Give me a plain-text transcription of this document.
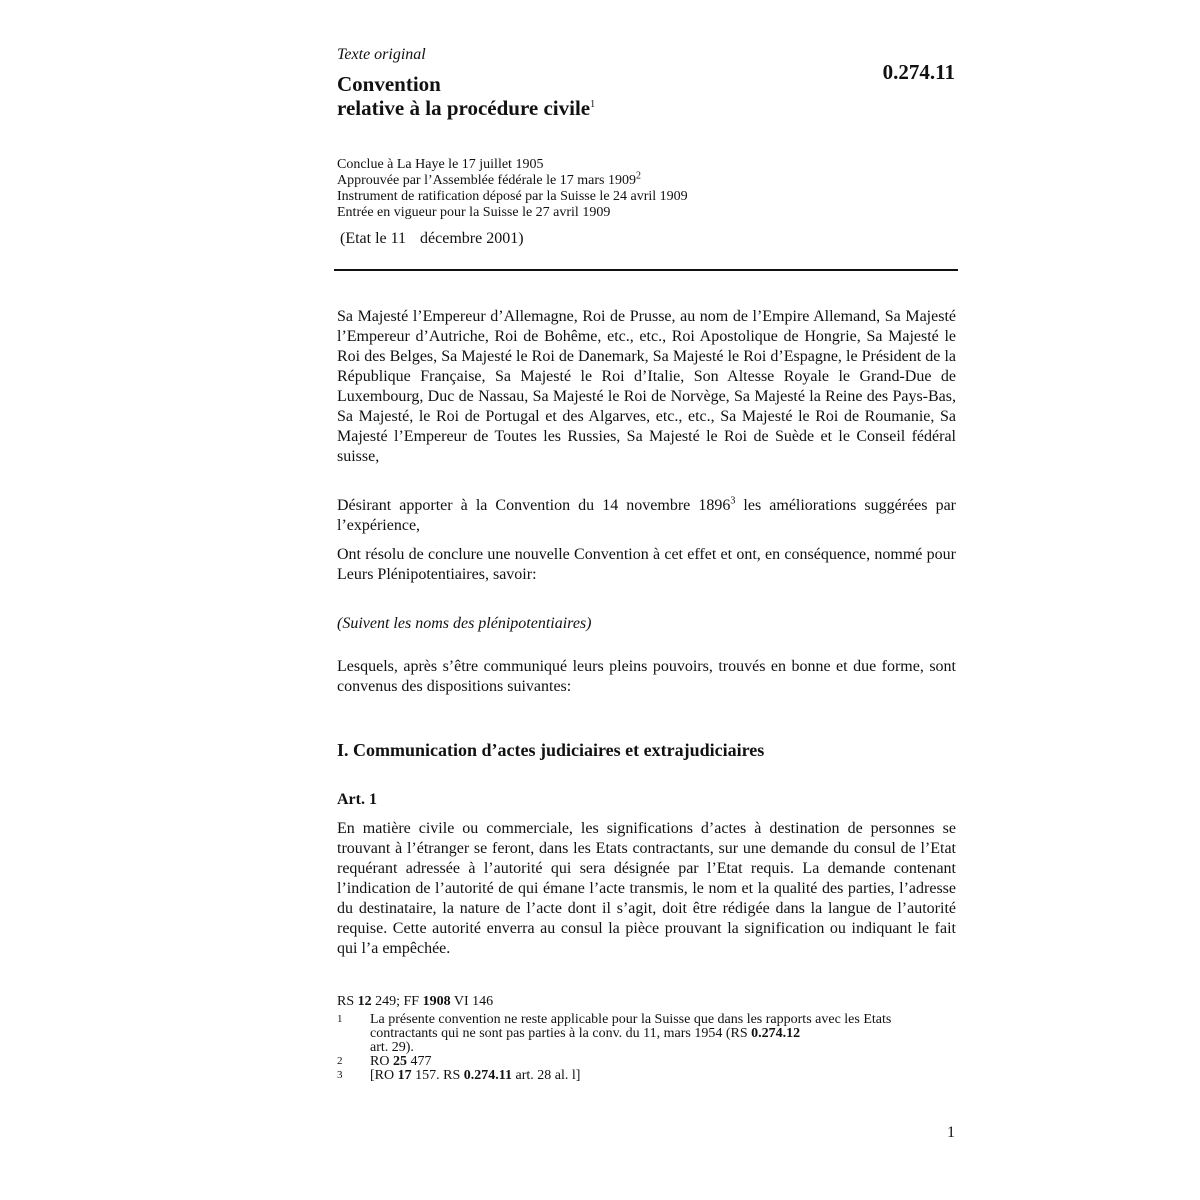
Texte original
0.274.11
Convention
relative à la procédure civile$^1$
Conclue à La Haye le 17 juillet 1905
Approuvée par l’Assemblée fédérale le 17 mars 1909$^2$
Instrument de ratification déposé par la Suisse le 24 avril 1909
Entrée en vigueur pour la Suisse le 27 avril 1909
(Etat le 11 décembre 2001)

Sa Majesté l’Empereur d’Allemagne, Roi de Prusse, au nom de l’Empire Allemand, Sa Majesté l’Empereur d’Autriche, Roi de Bohême, etc., etc., Roi Apostolique de Hongrie, Sa Majesté le Roi des Belges, Sa Majesté le Roi de Danemark, Sa Majesté le Roi d’Espagne, le Président de la République Française, Sa Majesté le Roi d’Italie, Son Altesse Royale le Grand-Due de Luxembourg, Duc de Nassau, Sa Majesté le Roi de Norvège, Sa Majesté la Reine des Pays-Bas, Sa Majesté, le Roi de Portugal et des Algarves, etc., etc., Sa Majesté le Roi de Roumanie, Sa Majesté l’Empereur de Toutes les Russies, Sa Majesté le Roi de Suède et le Conseil fédéral suisse,

Désirant apporter à la Convention du 14 novembre 1896$^3$ les améliorations suggérées par l’expérience,

Ont résolu de conclure une nouvelle Convention à cet effet et ont, en conséquence, nommé pour Leurs Plénipotentiaires, savoir:

(Suivent les noms des plénipotentiaires)

Lesquels, après s’être communiqué leurs pleins pouvoirs, trouvés en bonne et due forme, sont convenus des dispositions suivantes:

I. Communication d’actes judiciaires et extrajudiciaires
Art. 1

En matière civile ou commerciale, les significations d’actes à destination de personnes se trouvant à l’étranger se feront, dans les Etats contractants, sur une demande du consul de l’Etat requérant adressée à l’autorité qui sera désignée par l’Etat requis. La demande contenant l’indication de l’autorité de qui émane l’acte transmis, le nom et la qualité des parties, l’adresse du destinataire, la nature de l’acte dont il s’agit, doit être rédigée dans la langue de l’autorité requise. Cette autorité enverra au consul la pièce prouvant la signification ou indiquant le fait qui l’a empêchée.

RS 12 249; FF 1908 VI 146
1	La présente convention ne reste applicable pour la Suisse que dans les rapports avec les Etats contractants qui ne sont pas parties à la conv. du 11, mars 1954 (RS 0.274.12
art. 29).
2	RO 25 477
3	[RO 17 157. RS 0.274.11 art. 28 al. l]
1
